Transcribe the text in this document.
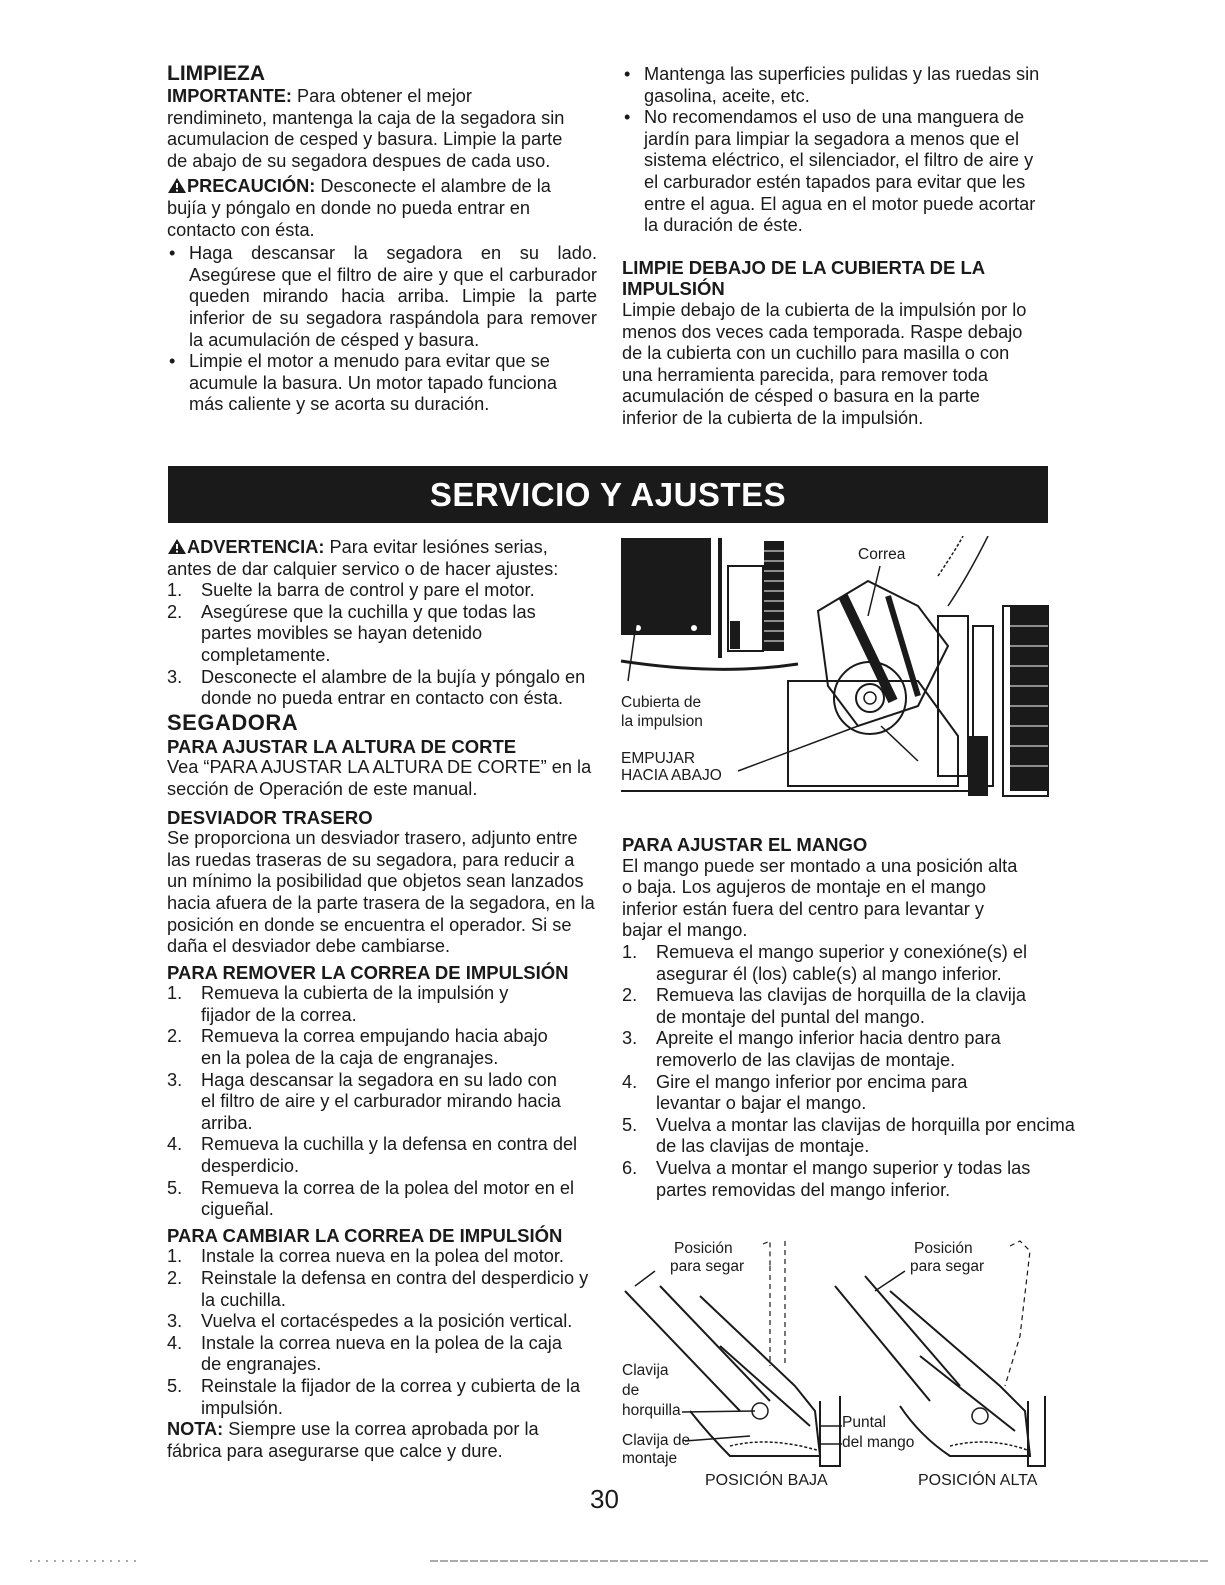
LIMPIEZA

IMPORTANTE: Para obtener el mejor rendimineto, mantenga la caja de la segadora sin acumulacion de cesped y basura. Limpie la parte de abajo de su segadora despues de cada uso.

PRECAUCIÓN: Desconecte el alambre de la bujía y póngalo en donde no pueda entrar en contacto con ésta.

• Haga descansar la segadora en su lado. Asegúrese que el filtro de aire y que el carburador queden mirando hacia arriba. Limpie la parte inferior de su segadora raspándola para remover la acumulación de césped y basura.
• Limpie el motor a menudo para evitar que se acumule la basura. Un motor tapado funciona más caliente y se acorta su duración.
• Mantenga las superficies pulidas y las ruedas sin gasolina, aceite, etc.
• No recomendamos el uso de una manguera de jardín para limpiar la segadora a menos que el sistema eléctrico, el silenciador, el filtro de aire y el carburador estén tapados para evitar que les entre el agua. El agua en el motor puede acortar la duración de éste.

LIMPIE DEBAJO DE LA CUBIERTA DE LA IMPULSIÓN

Limpie debajo de la cubierta de la impulsión por lo menos dos veces cada temporada. Raspe debajo de la cubierta con un cuchillo para masilla o con una herramienta parecida, para remover toda acumulación de césped o basura en la parte inferior de la cubierta de la impulsión.

SERVICIO Y AJUSTES

ADVERTENCIA: Para evitar lesiónes serias, antes de dar calquier servico o de hacer ajustes:

1. Suelte la barra de control y pare el motor.
2. Asegúrese que la cuchilla y que todas las partes movibles se hayan detenido completamente.
3. Desconecte el alambre de la bujía y póngalo en donde no pueda entrar en contacto con ésta.

SEGADORA

PARA AJUSTAR LA ALTURA DE CORTE

Vea “PARA AJUSTAR LA ALTURA DE CORTE” en la sección de Operación de este manual.

DESVIADOR TRASERO

Se proporciona un desviador trasero, adjunto entre las ruedas traseras de su segadora, para reducir a un mínimo la posibilidad que objetos sean lanzados hacia afuera de la parte trasera de la segadora, en la posición en donde se encuentra el operador. Si se daña el desviador debe cambiarse.

PARA REMOVER LA CORREA DE IMPULSIÓN

1. Remueva la cubierta de la impulsión y fijador de la correa.
2. Remueva la correa empujando hacia abajo en la polea de la caja de engranajes.
3. Haga descansar la segadora en su lado con el filtro de aire y el carburador mirando hacia arriba.
4. Remueva la cuchilla y la defensa en contra del desperdicio.
5. Remueva la correa de la polea del motor en el cigueñal.

PARA CAMBIAR LA CORREA DE IMPULSIÓN

1. Instale la correa nueva en la polea del motor.
2. Reinstale la defensa en contra del desperdicio y la cuchilla.
3. Vuelva el cortacéspedes a la posición vertical.
4. Instale la correa nueva en la polea de la caja de engranajes.
5. Reinstale la fijador de la correa y cubierta de la impulsión.

NOTA: Siempre use la correa aprobada por la fábrica para asegurarse que calce y dure.

Correa
Cubierta de
la impulsion
EMPUJAR
HACIA ABAJO

PARA AJUSTAR EL MANGO

El mango puede ser montado a una posición alta o baja. Los agujeros de montaje en el mango inferior están fuera del centro para levantar y bajar el mango.

1. Remueva el mango superior y conexióne(s) el asegurar él (los) cable(s) al mango inferior.
2. Remueva las clavijas de horquilla de la clavija de montaje del puntal del mango.
3. Apreite el mango inferior hacia dentro para removerlo de las clavijas de montaje.
4. Gire el mango inferior por encima para levantar o bajar el mango.
5. Vuelva a montar las clavijas de horquilla por encima de las clavijas de montaje.
6. Vuelva a montar el mango superior y todas las partes removidas del mango inferior.
Posición
para segar
Posición
para segar
Clavija
de
horquilla
Clavija de
montaje
Puntal
del mango
POSICIÓN BAJA	POSICIÓN ALTA
30
